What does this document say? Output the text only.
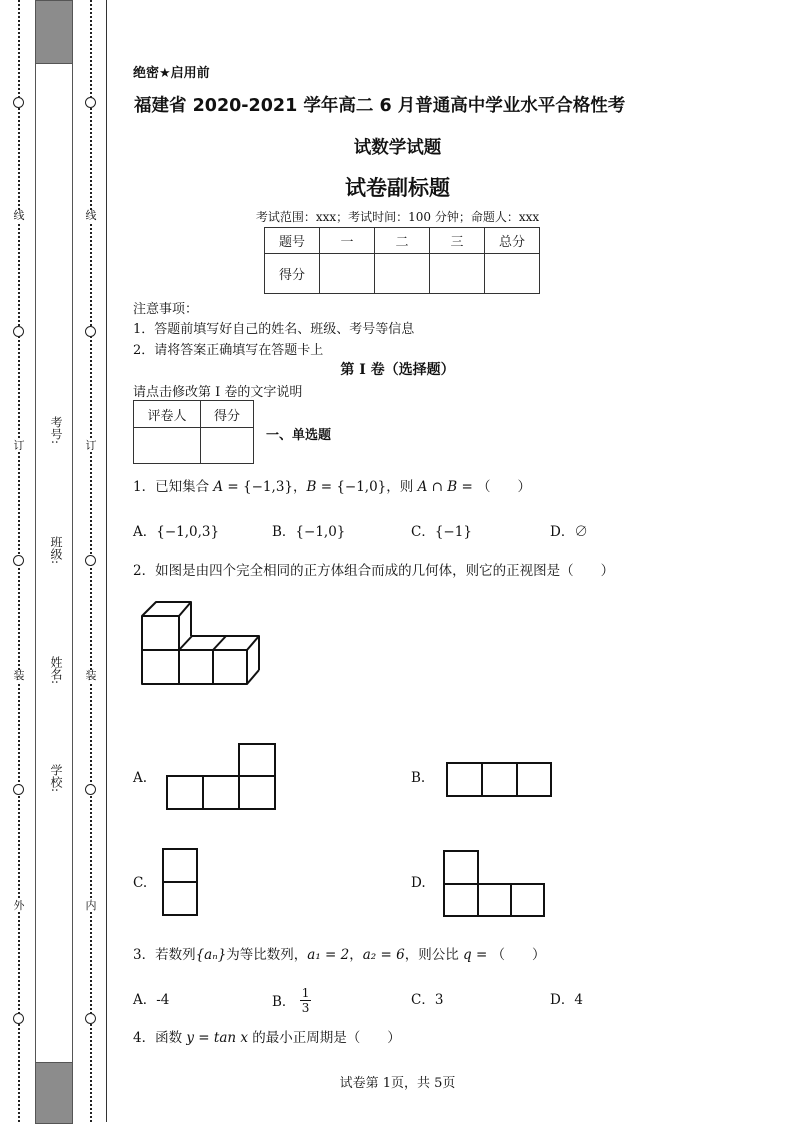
线
订
装
外
线
订
装
内
考号:
班级:
姓名:
学校:
绝密★启用前
福建省 2020-2021 学年高二 6 月普通高中学业水平合格性考
试数学试题
试卷副标题
考试范围：xxx；考试时间：100 分钟；命题人：xxx
题号	一	二	三	总分
得分				
注意事项：
1．答题前填写好自己的姓名、班级、考号等信息
2．请将答案正确填写在答题卡上
第 I 卷（选择题）
请点击修改第 I 卷的文字说明
评卷人	得分

一、单选题
1．已知集合 A = {−1,3}，B = {−1,0}，则 A ∩ B = （　　）
A．{−1,0,3}	B．{−1,0}	C．{−1}	D．∅
2．如图是由四个完全相同的正方体组合而成的几何体，则它的正视图是（　　）
A.	B.
C.	D.
3．若数列{aₙ}为等比数列，a₁ = 2，a₂ = 6，则公比 q = （　　）
A．-4	B． $\frac{1}{3}$	C．3	D．4
4．函数 y = tan x 的最小正周期是（　　）
试卷第 1页，共 5页
